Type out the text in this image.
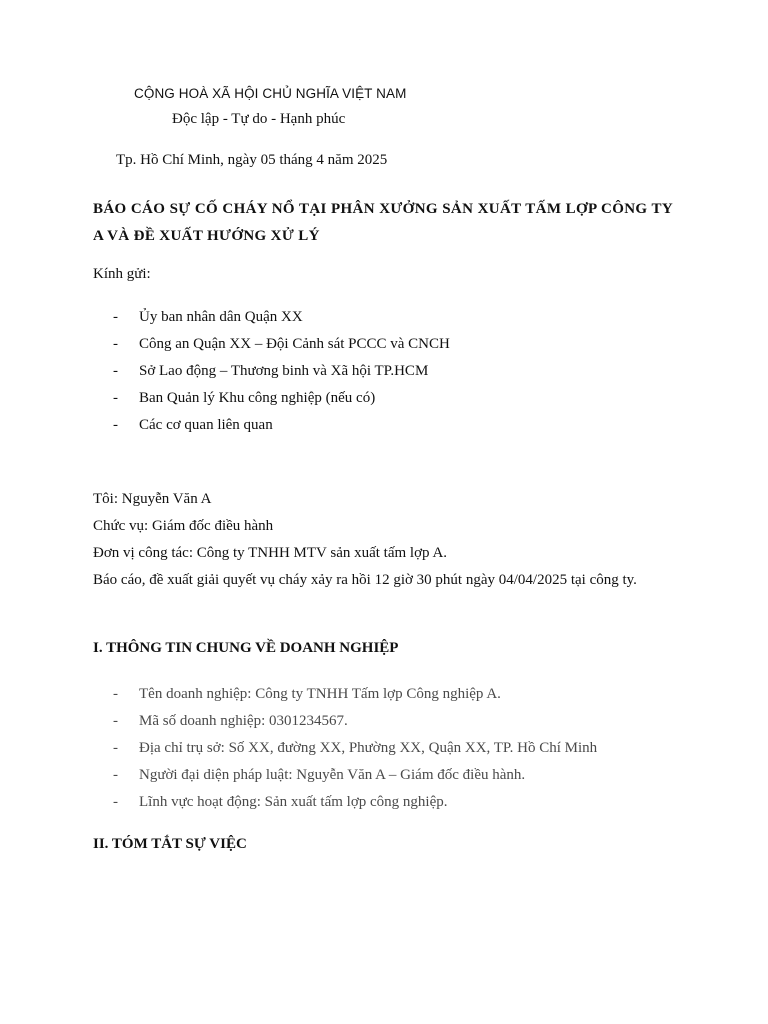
CỘNG HOÀ XÃ HỘI CHỦ NGHĨA VIỆT NAM
Độc lập - Tự do - Hạnh phúc
Tp. Hồ Chí Minh, ngày 05 tháng 4 năm 2025
BÁO CÁO SỰ CỐ CHÁY NỔ TẠI PHÂN XƯỞNG SẢN XUẤT TẤM LỢP CÔNG TY A VÀ ĐỀ XUẤT HƯỚNG XỬ LÝ
Kính gửi:
- Ủy ban nhân dân Quận XX
- Công an Quận XX – Đội Cảnh sát PCCC và CNCH
- Sở Lao động – Thương binh và Xã hội TP.HCM
- Ban Quản lý Khu công nghiệp (nếu có)
- Các cơ quan liên quan
Tôi: Nguyễn Văn A
Chức vụ: Giám đốc điều hành
Đơn vị công tác: Công ty TNHH MTV sản xuất tấm lợp A.
Báo cáo, đề xuất giải quyết vụ cháy xảy ra hồi 12 giờ 30 phút ngày 04/04/2025 tại công ty.
I. THÔNG TIN CHUNG VỀ DOANH NGHIỆP
- Tên doanh nghiệp: Công ty TNHH Tấm lợp Công nghiệp A.
- Mã số doanh nghiệp: 0301234567.
- Địa chỉ trụ sở: Số XX, đường XX, Phường XX, Quận XX, TP. Hồ Chí Minh
- Người đại diện pháp luật: Nguyễn Văn A – Giám đốc điều hành.
- Lĩnh vực hoạt động: Sản xuất tấm lợp công nghiệp.
II. TÓM TẮT SỰ VIỆC
